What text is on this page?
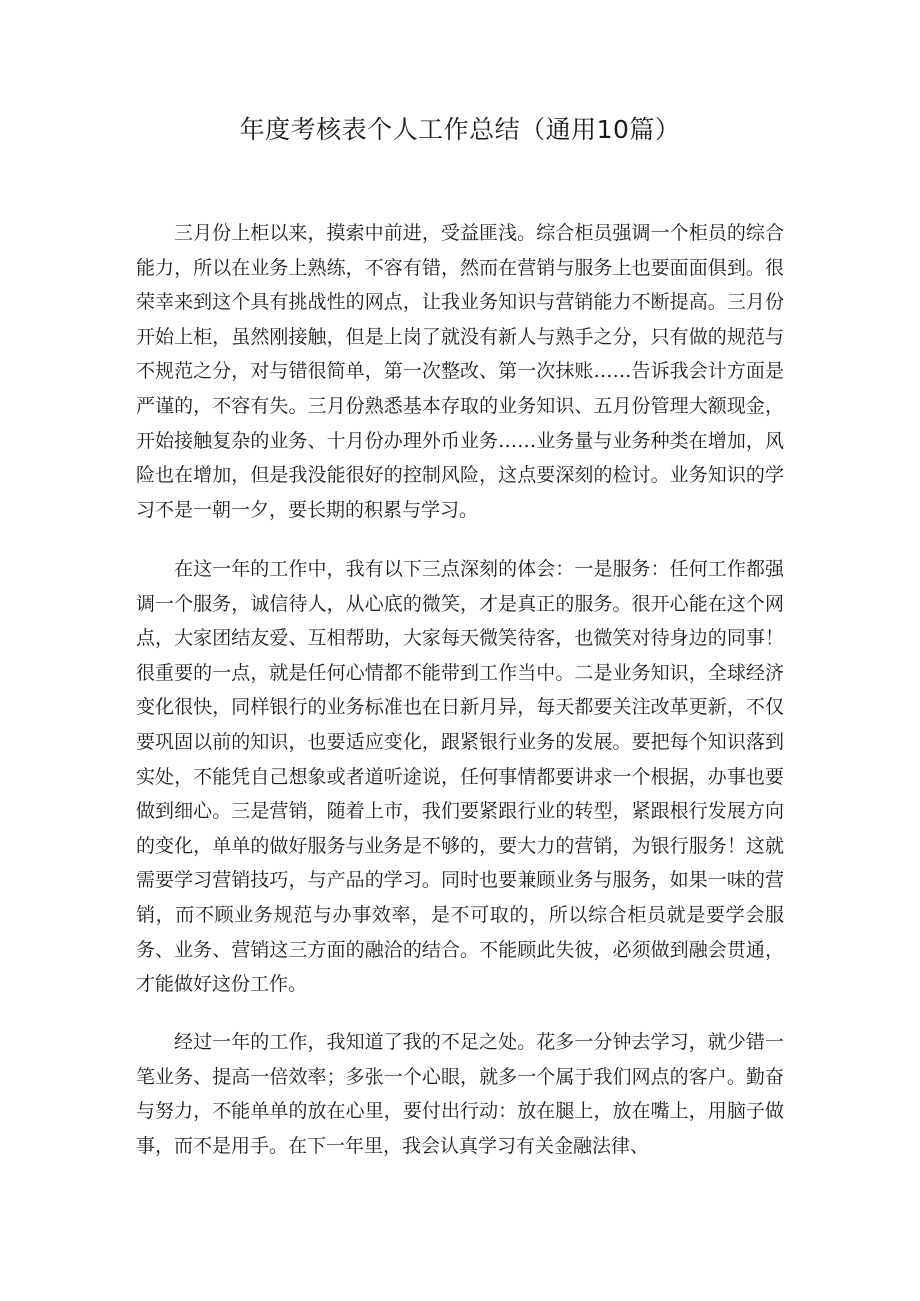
年度考核表个人工作总结（通用10篇）

三月份上柜以来，摸索中前进，受益匪浅。综合柜员强调一个柜员的综合能力，所以在业务上熟练，不容有错，然而在营销与服务上也要面面俱到。很荣幸来到这个具有挑战性的网点，让我业务知识与营销能力不断提高。三月份开始上柜，虽然刚接触，但是上岗了就没有新人与熟手之分，只有做的规范与不规范之分，对与错很简单，第一次整改、第一次抹账……告诉我会计方面是严谨的，不容有失。三月份熟悉基本存取的业务知识、五月份管理大额现金，开始接触复杂的业务、十月份办理外币业务……业务量与业务种类在增加，风险也在增加，但是我没能很好的控制风险，这点要深刻的检讨。业务知识的学习不是一朝一夕，要长期的积累与学习。

在这一年的工作中，我有以下三点深刻的体会：一是服务：任何工作都强调一个服务，诚信待人，从心底的微笑，才是真正的服务。很开心能在这个网点，大家团结友爱、互相帮助，大家每天微笑待客，也微笑对待身边的同事！很重要的一点，就是任何心情都不能带到工作当中。二是业务知识，全球经济变化很快，同样银行的业务标准也在日新月异，每天都要关注改革更新，不仅要巩固以前的知识，也要适应变化，跟紧银行业务的发展。要把每个知识落到实处，不能凭自己想象或者道听途说，任何事情都要讲求一个根据，办事也要做到细心。三是营销，随着上市，我们要紧跟行业的转型，紧跟根行发展方向的变化，单单的做好服务与业务是不够的，要大力的营销，为银行服务！这就需要学习营销技巧，与产品的学习。同时也要兼顾业务与服务，如果一味的营销，而不顾业务规范与办事效率，是不可取的，所以综合柜员就是要学会服务、业务、营销这三方面的融洽的结合。不能顾此失彼，必须做到融会贯通，才能做好这份工作。

经过一年的工作，我知道了我的不足之处。花多一分钟去学习，就少错一笔业务、提高一倍效率；多张一个心眼，就多一个属于我们网点的客户。勤奋与努力，不能单单的放在心里，要付出行动：放在腿上，放在嘴上，用脑子做事，而不是用手。在下一年里，我会认真学习有关金融法律、
